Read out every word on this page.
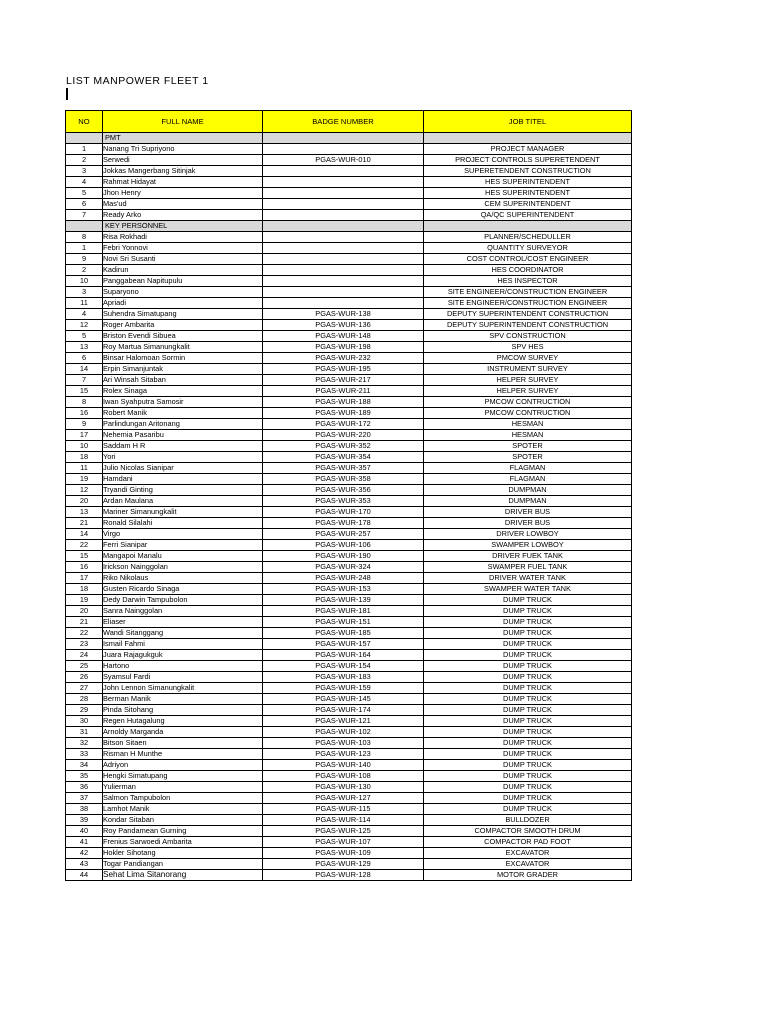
LIST MANPOWER FLEET 1
NO	FULL NAME	BADGE NUMBER	JOB TITEL
	PMT		
1	Nanang Tri Supriyono		PROJECT MANAGER
2	Serwedi	PGAS-WUR-010	PROJECT CONTROLS SUPERETENDENT
3	Jokkas Mangerbang Sitinjak		SUPERETENDENT CONSTRUCTION
4	Rahmat Hidayat		HES SUPERINTENDENT
5	Jhon Henry		HES SUPERINTENDENT
6	Mas'ud		CEM SUPERINTENDENT
7	Ready Arko		QA/QC SUPERINTENDENT
	KEY PERSONNEL		
8	Risa Rokhadi		PLANNER/SCHEDULLER
1	Febri Yonnovi		QUANTITY SURVEYOR
9	Novi Sri Susanti		COST CONTROL/COST ENGINEER
2	Kadirun		HES COORDINATOR
10	Panggabean Napitupulu		HES INSPECTOR
3	Suparyono		SITE ENGINEER/CONSTRUCTION ENGINEER
11	Apriadi		SITE ENGINEER/CONSTRUCTION ENGINEER
4	Suhendra Simatupang	PGAS-WUR-138	DEPUTY SUPERINTENDENT CONSTRUCTION
12	Roger Ambarita	PGAS-WUR-136	DEPUTY SUPERINTENDENT CONSTRUCTION
5	Briston Evendi Sibuea	PGAS-WUR-148	SPV CONSTRUCTION
13	Roy Martua Simanungkalit	PGAS-WUR-198	SPV HES
6	Binsar Halomoan Sormin	PGAS-WUR-232	PMCOW SURVEY
14	Erpin Simanjuntak	PGAS-WUR-195	INSTRUMENT SURVEY
7	Ari Winsah Sitaban	PGAS-WUR-217	HELPER SURVEY
15	Rolex Sinaga	PGAS-WUR-211	HELPER SURVEY
8	Iwan Syahputra Samosir	PGAS-WUR-188	PMCOW CONTRUCTION
16	Robert Manik	PGAS-WUR-189	PMCOW CONTRUCTION
9	Parlindungan Aritonang	PGAS-WUR-172	HESMAN
17	Nehemia Pasaribu	PGAS-WUR-220	HESMAN
10	Saddam H R	PGAS-WUR-352	SPOTER
18	Yori	PGAS-WUR-354	SPOTER
11	Julio Nicolas Sianipar	PGAS-WUR-357	FLAGMAN
19	Hamdani	PGAS-WUR-358	FLAGMAN
12	Tryandi Ginting	PGAS-WUR-356	DUMPMAN
20	Ardan Maulana	PGAS-WUR-353	DUMPMAN
13	Mariner Simanungkalit	PGAS-WUR-170	DRIVER BUS
21	Ronald Silalahi	PGAS-WUR-178	DRIVER BUS
14	Virgo	PGAS-WUR-257	DRIVER LOWBOY
22	Ferri Sianipar	PGAS-WUR-106	SWAMPER LOWBOY
15	Mangapoi Manalu	PGAS-WUR-190	DRIVER FUEK TANK
16	Irickson Nainggolan	PGAS-WUR-324	SWAMPER FUEL TANK
17	Riko Nikolaus	PGAS-WUR-248	DRIVER WATER TANK
18	Gusten Ricardo Sinaga	PGAS-WUR-153	SWAMPER WATER TANK
19	Dedy Darwin Tampubolon	PGAS-WUR-139	DUMP TRUCK
20	Sanra Nainggolan	PGAS-WUR-181	DUMP TRUCK
21	Eliaser	PGAS-WUR-151	DUMP TRUCK
22	Wandi Sitanggang	PGAS-WUR-185	DUMP TRUCK
23	Ismail Fahmi	PGAS-WUR-157	DUMP TRUCK
24	Juara Rajagukguk	PGAS-WUR-164	DUMP TRUCK
25	Hartono	PGAS-WUR-154	DUMP TRUCK
26	Syamsul Fardi	PGAS-WUR-183	DUMP TRUCK
27	John Lennon Simanungkalit	PGAS-WUR-159	DUMP TRUCK
28	Berman Manik	PGAS-WUR-145	DUMP TRUCK
29	Pinda Sitohang	PGAS-WUR-174	DUMP TRUCK
30	Regen Hutagalung	PGAS-WUR-121	DUMP TRUCK
31	Arnoldy Marganda	PGAS-WUR-102	DUMP TRUCK
32	Bitson Sitaen	PGAS-WUR-103	DUMP TRUCK
33	Risman H Munthe	PGAS-WUR-123	DUMP TRUCK
34	Adriyon	PGAS-WUR-140	DUMP TRUCK
35	Hengki Simatupang	PGAS-WUR-108	DUMP TRUCK
36	Yulierman	PGAS-WUR-130	DUMP TRUCK
37	Salmon Tampubolon	PGAS-WUR-127	DUMP TRUCK
38	Lamhot Manik	PGAS-WUR-115	DUMP TRUCK
39	Kondar Sitaban	PGAS-WUR-114	BULLDOZER
40	Roy Pandamean Gurning	PGAS-WUR-125	COMPACTOR SMOOTH DRUM
41	Frenius Sarwoedi Ambarita	PGAS-WUR-107	COMPACTOR PAD FOOT
42	Hokler Sihotang	PGAS-WUR-109	EXCAVATOR
43	Togar Pandiangan	PGAS-WUR-129	EXCAVATOR
44	Sehat Lima Sitanorang	PGAS-WUR-128	MOTOR GRADER
